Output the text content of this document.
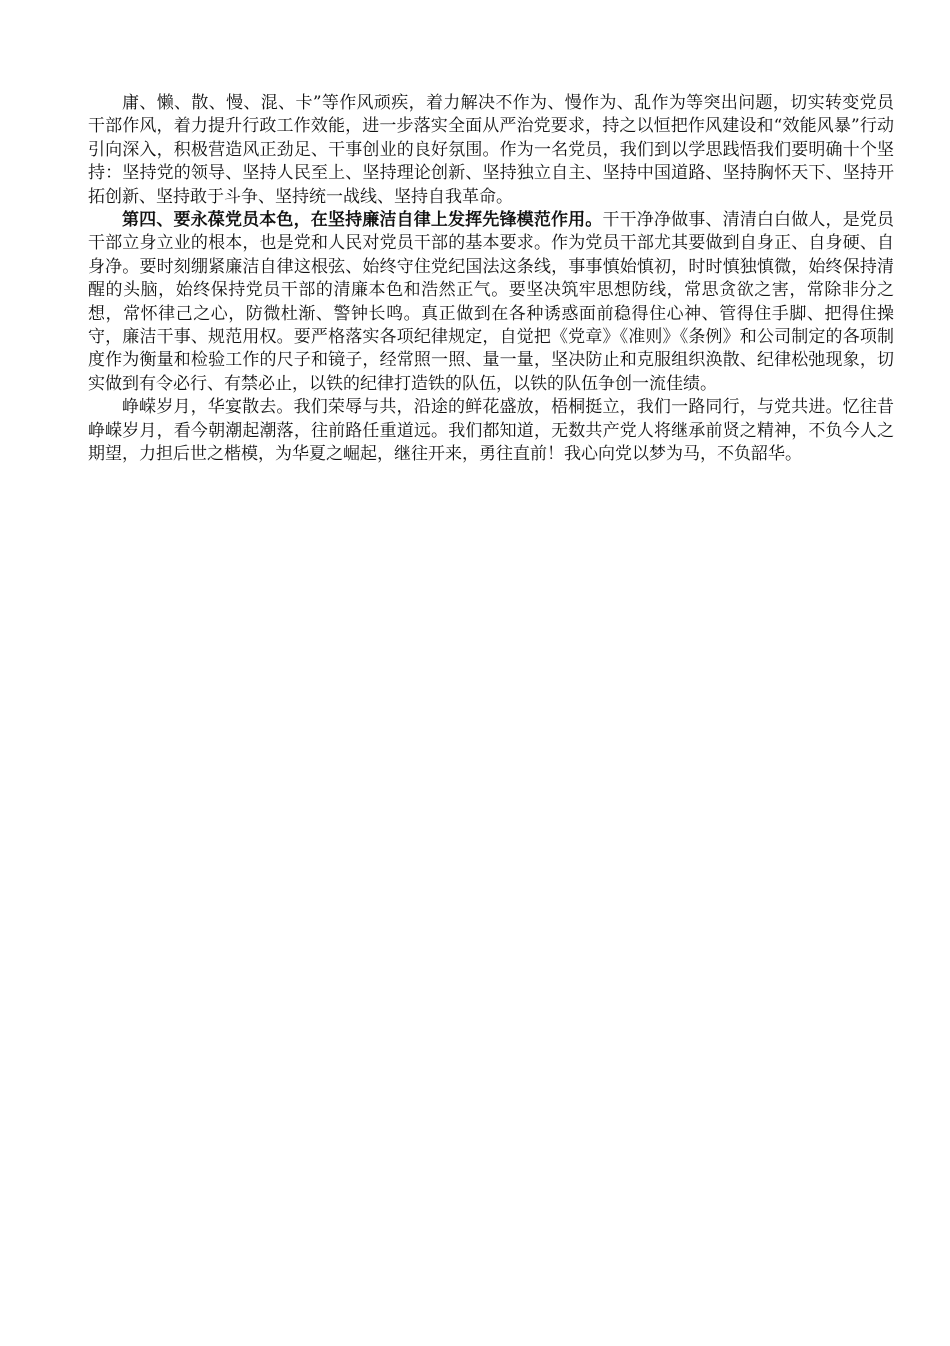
庸、懒、散、慢、混、卡”等作风顽疾，着力解决不作为、慢作为、乱作为等突出问题，切实转变党员干部作风，着力提升行政工作效能，进一步落实全面从严治党要求，持之以恒把作风建设和“效能风暴”行动引向深入，积极营造风正劲足、干事创业的良好氛围。作为一名党员，我们到以学思践悟我们要明确十个坚持：坚持党的领导、坚持人民至上、坚持理论创新、坚持独立自主、坚持中国道路、坚持胸怀天下、坚持开拓创新、坚持敢于斗争、坚持统一战线、坚持自我革命。

第四、要永葆党员本色，在坚持廉洁自律上发挥先锋模范作用。干干净净做事、清清白白做人，是党员干部立身立业的根本，也是党和人民对党员干部的基本要求。作为党员干部尤其要做到自身正、自身硬、自身净。要时刻绷紧廉洁自律这根弦、始终守住党纪国法这条线，事事慎始慎初，时时慎独慎微，始终保持清醒的头脑，始终保持党员干部的清廉本色和浩然正气。要坚决筑牢思想防线，常思贪欲之害，常除非分之想，常怀律己之心，防微杜渐、警钟长鸣。真正做到在各种诱惑面前稳得住心神、管得住手脚、把得住操守，廉洁干事、规范用权。要严格落实各项纪律规定，自觉把《党章》《准则》《条例》和公司制定的各项制度作为衡量和检验工作的尺子和镜子，经常照一照、量一量，坚决防止和克服组织涣散、纪律松弛现象，切实做到有令必行、有禁必止，以铁的纪律打造铁的队伍，以铁的队伍争创一流佳绩。

峥嵘岁月，华宴散去。我们荣辱与共，沿途的鲜花盛放，梧桐挺立，我们一路同行，与党共进。忆往昔峥嵘岁月，看今朝潮起潮落，往前路任重道远。我们都知道，无数共产党人将继承前贤之精神，不负今人之期望，力担后世之楷模，为华夏之崛起，继往开来，勇往直前！我心向党以梦为马，不负韶华。
